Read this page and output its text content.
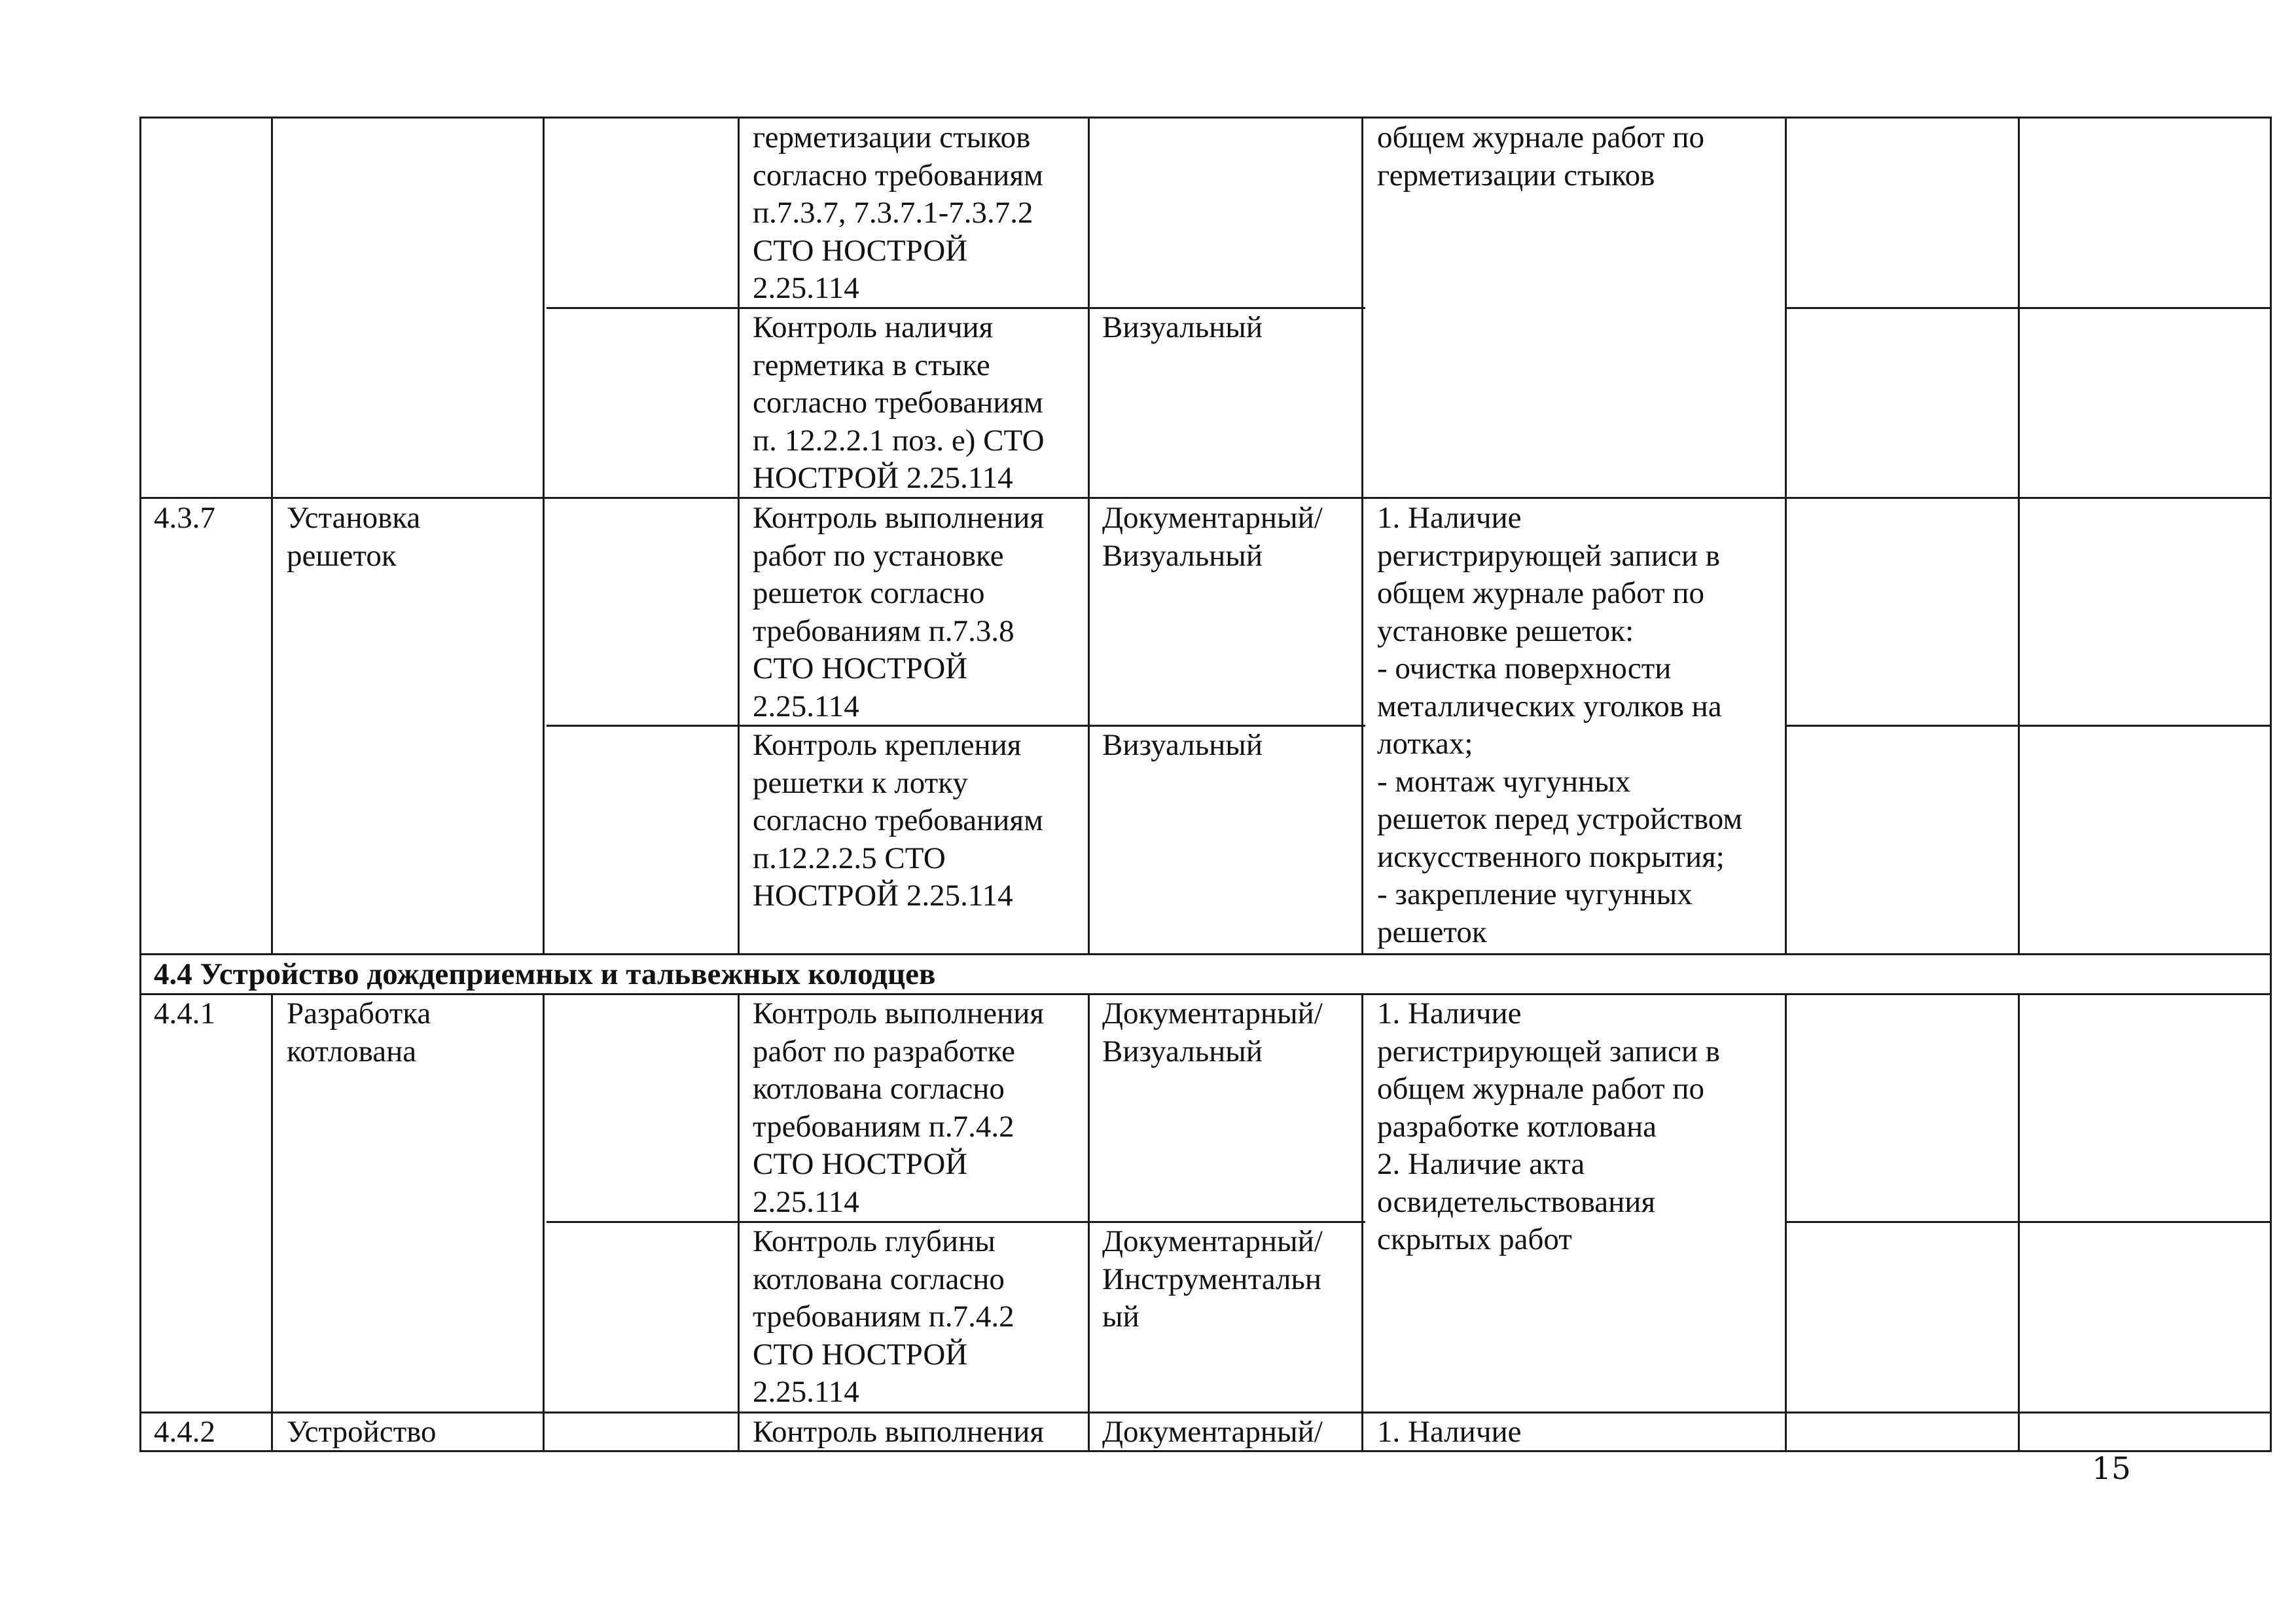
герметизации стыков
согласно требованиям
п.7.3.7, 7.3.7.1-7.3.7.2
СТО НОСТРОЙ
2.25.114

общем журнале работ по
герметизации стыков

Контроль наличия
герметика в стыке
согласно требованиям
п. 12.2.2.1 поз. е) СТО
НОСТРОЙ 2.25.114

Визуальный

4.3.7 Установка
решеток

Контроль выполнения
работ по установке
решеток согласно
требованиям п.7.3.8
СТО НОСТРОЙ
2.25.114

Документарный/
Визуальный

1. Наличие
регистрирующей записи в
общем журнале работ по
установке решеток:
- очистка поверхности
металлических уголков на
лотках;
- монтаж чугунных
решеток перед устройством
искусственного покрытия;
- закрепление чугунных
решеток

Контроль крепления
решетки к лотку
согласно требованиям
п.12.2.2.5 СТО
НОСТРОЙ 2.25.114

Визуальный

4.4 Устройство дождеприемных и тальвежных колодцев

4.4.1 Разработка
котлована

Контроль выполнения
работ по разработке
котлована согласно
требованиям п.7.4.2
СТО НОСТРОЙ
2.25.114

Документарный/
Визуальный

1. Наличие
регистрирующей записи в
общем журнале работ по
разработке котлована
2. Наличие акта
освидетельствования
скрытых работ

Контроль глубины
котлована согласно
требованиям п.7.4.2
СТО НОСТРОЙ
2.25.114

Документарный/
Инструментальн
ый

4.4.2 Устройство	Контроль выполнения Документарный/ 1. Наличие

15
